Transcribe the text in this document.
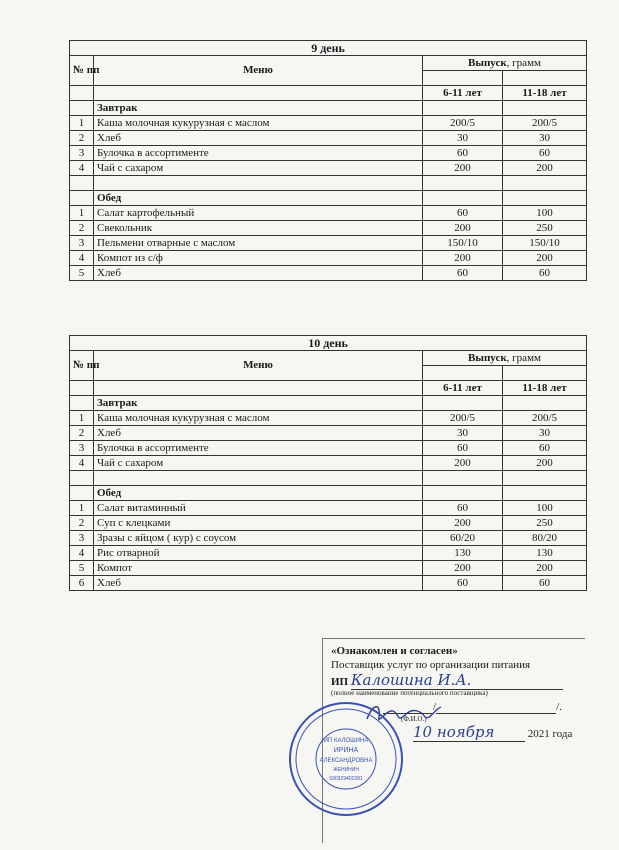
9 день			
№ пп	Меню	Выпуск, грамм	

		6-11 лет	11-18 лет
	Завтрак		
1	Каша молочная кукурузная с маслом	200/5	200/5
2	Хлеб	30	30
3	Булочка в ассортименте	60	60
4	Чай с сахаром	200	200

	Обед		
1	Салат картофельный	60	100
2	Свекольник	200	250
3	Пельмени отварные с маслом	150/10	150/10
4	Компот из с/ф	200	200
5	Хлеб	60	60
10 день			
№ пп	Меню	Выпуск, грамм	

		6-11 лет	11-18 лет
	Завтрак		
1	Каша молочная кукурузная с маслом	200/5	200/5
2	Хлеб	30	30
3	Булочка в ассортименте	60	60
4	Чай с сахаром	200	200

	Обед		
1	Салат витаминный	60	100
2	Суп с клецками	200	250
3	Зразы с яйцом ( кур) с соусом	60/20	80/20
4	Рис отварной	130	130
5	Компот	200	200
6	Хлеб	60	60
«Ознакомлен и согласен»
Поставщик услуг по организации питания
ИП Калошина И.А.
(полное наименование потенциального поставщика)
/	/.
(Ф.И.О.)
10 ноября	2021 года
ИП КАЛОШИНА
ИРИНА
АЛЕКСАНДРОВНА
ЖЕНИНИН
590329402281
